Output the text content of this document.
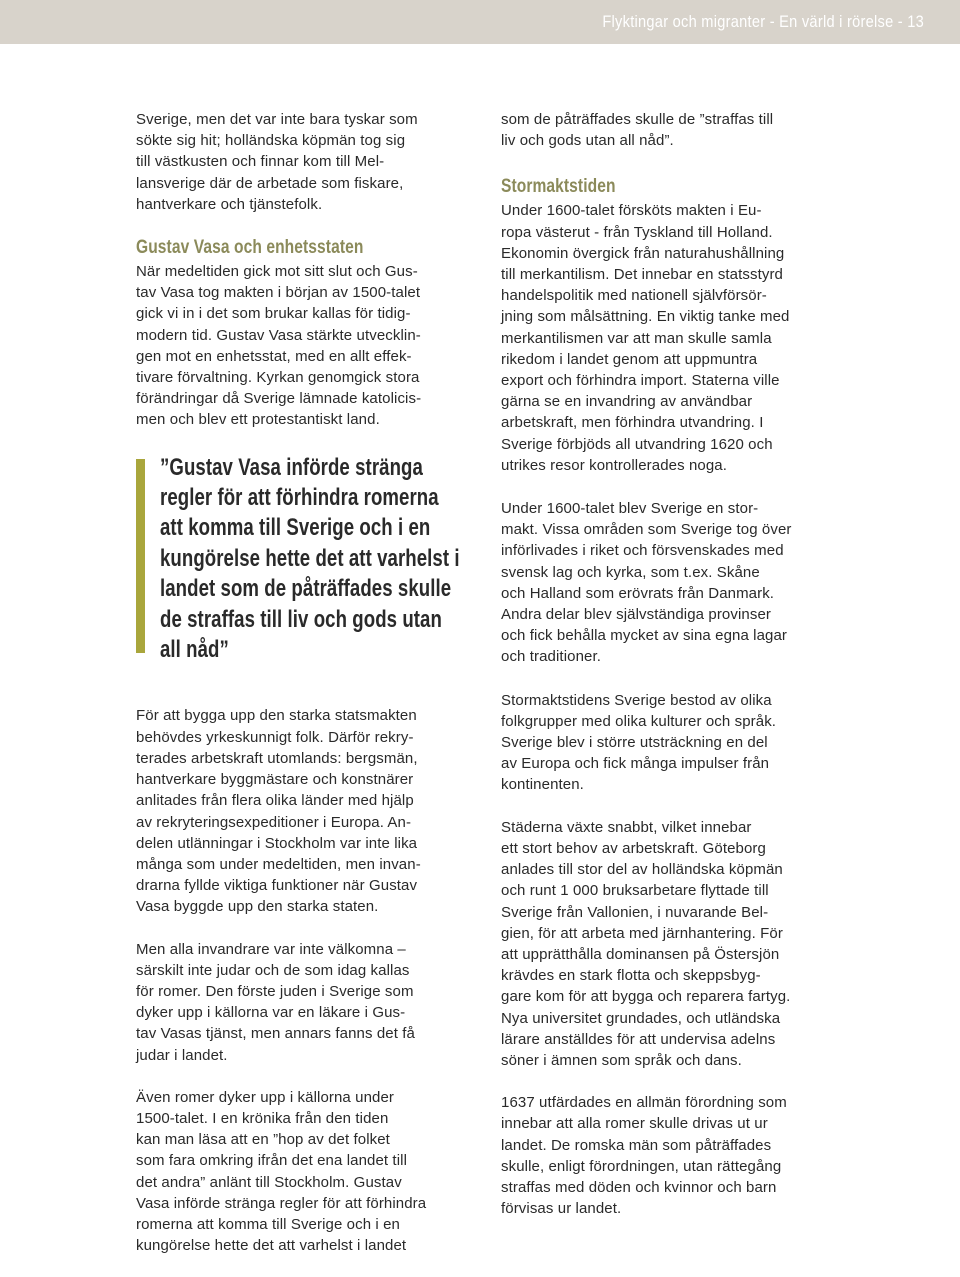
Flyktingar och migranter - En värld i rörelse - 13

Sverige, men det var inte bara tyskar som
sökte sig hit; holländska köpmän tog sig
till västkusten och finnar kom till Mel-
lansverige där de arbetade som fiskare,
hantverkare och tjänstefolk.

Gustav Vasa och enhetsstaten
När medeltiden gick mot sitt slut och Gus-
tav Vasa tog makten i början av 1500-talet
gick vi in i det som brukar kallas för tidig-
modern tid. Gustav Vasa stärkte utvecklin-
gen mot en enhetsstat, med en allt effek-
tivare förvaltning. Kyrkan genomgick stora
förändringar då Sverige lämnade katolicis-
men och blev ett protestantiskt land.

”Gustav Vasa införde stränga
regler för att förhindra romerna
att komma till Sverige och i en
kungörelse hette det att varhelst i
landet som de påträffades skulle
de straffas till liv och gods utan
all nåd”

För att bygga upp den starka statsmakten
behövdes yrkeskunnigt folk. Därför rekry-
terades arbetskraft utomlands: bergsmän,
hantverkare byggmästare och konstnärer
anlitades från flera olika länder med hjälp
av rekryteringsexpeditioner i Europa. An-
delen utlänningar i Stockholm var inte lika
många som under medeltiden, men invan-
drarna fyllde viktiga funktioner när Gustav
Vasa byggde upp den starka staten.

Men alla invandrare var inte välkomna –
särskilt inte judar och de som idag kallas
för romer. Den förste juden i Sverige som
dyker upp i källorna var en läkare i Gus-
tav Vasas tjänst, men annars fanns det få
judar i landet.

Även romer dyker upp i källorna under
1500-talet. I en krönika från den tiden
kan man läsa att en ”hop av det folket
som fara omkring ifrån det ena landet till
det andra” anlänt till Stockholm. Gustav
Vasa införde stränga regler för att förhindra
romerna att komma till Sverige och i en
kungörelse hette det att varhelst i landet

som de påträffades skulle de ”straffas till
liv och gods utan all nåd”.

Stormaktstiden
Under 1600-talet försköts makten i Eu-
ropa västerut - från Tyskland till Holland.
Ekonomin övergick från naturahushållning
till merkantilism. Det innebar en statsstyrd
handelspolitik med nationell självförsör-
jning som målsättning. En viktig tanke med
merkantilismen var att man skulle samla
rikedom i landet genom att uppmuntra
export och förhindra import. Staterna ville
gärna se en invandring av användbar
arbetskraft, men förhindra utvandring. I
Sverige förbjöds all utvandring 1620 och
utrikes resor kontrollerades noga.

Under 1600-talet blev Sverige en stor-
makt. Vissa områden som Sverige tog över
införlivades i riket och försvenskades med
svensk lag och kyrka, som t.ex. Skåne
och Halland som erövrats från Danmark.
Andra delar blev självständiga provinser
och fick behålla mycket av sina egna lagar
och traditioner.

Stormaktstidens Sverige bestod av olika
folkgrupper med olika kulturer och språk.
Sverige blev i större utsträckning en del
av Europa och fick många impulser från
kontinenten.

Städerna växte snabbt, vilket innebar
ett stort behov av arbetskraft. Göteborg
anlades till stor del av holländska köpmän
och runt 1 000 bruksarbetare flyttade till
Sverige från Vallonien, i nuvarande Bel-
gien, för att arbeta med järnhantering. För
att upprätthålla dominansen på Östersjön
krävdes en stark flotta och skeppsbyg-
gare kom för att bygga och reparera fartyg.
Nya universitet grundades, och utländska
lärare anställdes för att undervisa adelns
söner i ämnen som språk och dans.

1637 utfärdades en allmän förordning som
innebar att alla romer skulle drivas ut ur
landet. De romska män som påträffades
skulle, enligt förordningen, utan rättegång
straffas med döden och kvinnor och barn
förvisas ur landet.
